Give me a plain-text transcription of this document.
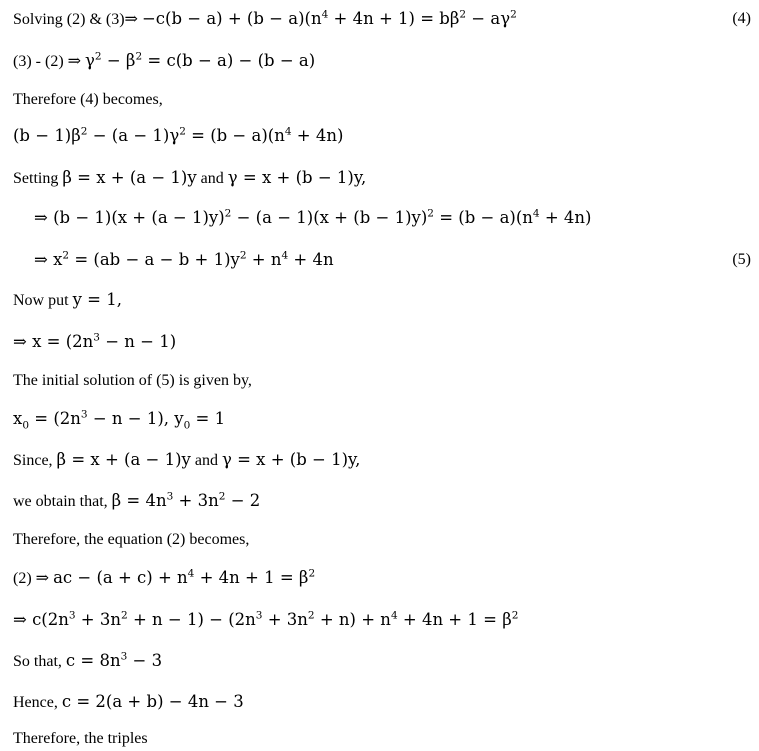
Solving (2) & (3)⇒ $-c(b - a) + (b - a)(n^4 + 4n + 1) = b\beta^2 - a\gamma^2$	(4)
(3) - (2) ⇒ $\gamma^2 - \beta^2 = c(b - a) - (b - a)$
Therefore (4) becomes,
$(b - 1)\beta^2 - (a - 1)\gamma^2 = (b - a)(n^4 + 4n)$
Setting β = x + (a − 1)y and γ = x + (b − 1)y,
⇒ $(b - 1)(x + (a - 1)y)^2 - (a - 1)(x + (b - 1)y)^2 = (b - a)(n^4 + 4n)$
⇒ $x^2 = (ab - a - b + 1)y^2 + n^4 + 4n$	(5)
Now put y = 1,
⇒ $x = (2n^3 - n - 1)$
The initial solution of (5) is given by,
$x_0 = (2n^3 - n - 1)$, $y_0 = 1$
Since, β = x + (a − 1)y and γ = x + (b − 1)y,
we obtain that, $\beta = 4n^3 + 3n^2 - 2$
Therefore, the equation (2) becomes,
(2) ⇒ ac − $(a + c) + n^4 + 4n + 1 = \beta^2$
⇒ $c(2n^3 + 3n^2 + n - 1) - (2n^3 + 3n^2 + n) + n^4 + 4n + 1 = \beta^2$
So that, $c = 8n^3 - 3$
Hence, c = 2(a + b) − 4n − 3
Therefore, the triples
